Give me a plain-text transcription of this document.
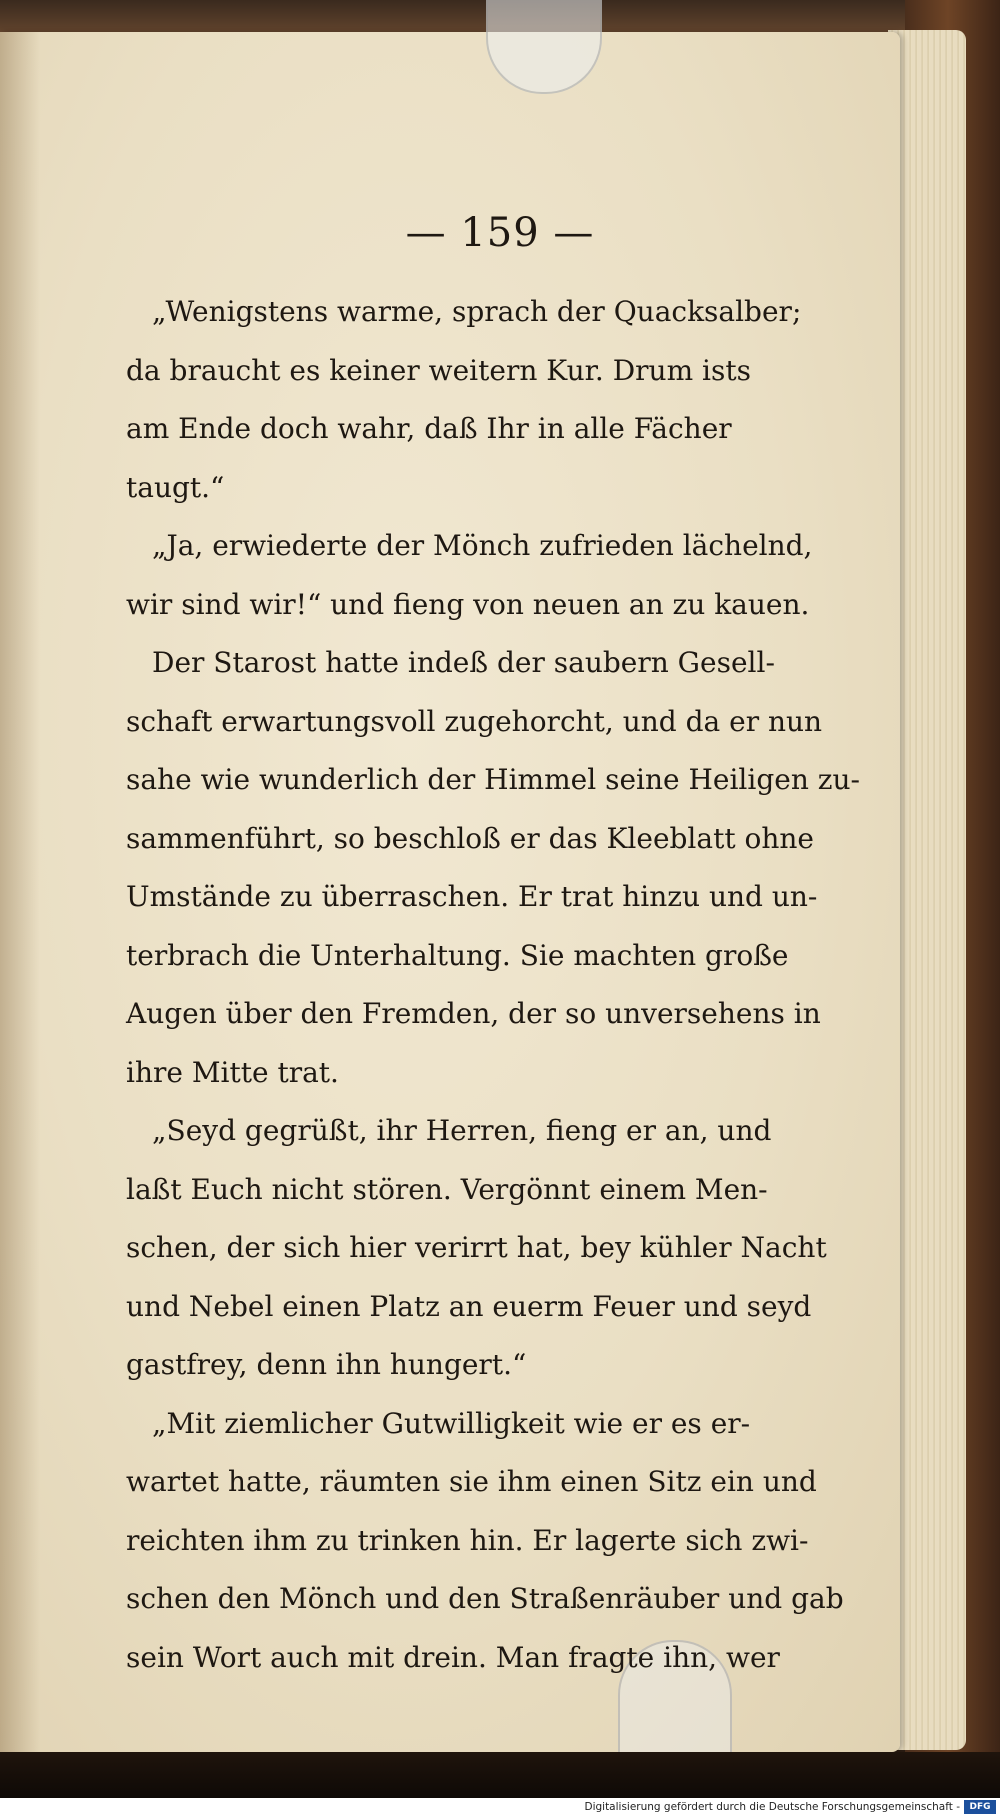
— 159 —
„Wenigstens warme, sprach der Quacksalber;
da braucht es keiner weitern Kur. Drum ists
am Ende doch wahr, daß Ihr in alle Fächer
taugt.“
„Ja, erwiederte der Mönch zufrieden lächelnd,
wir sind wir!“ und fieng von neuen an zu kauen.
Der Starost hatte indeß der saubern Gesell-
schaft erwartungsvoll zugehorcht, und da er nun
sahe wie wunderlich der Himmel seine Heiligen zu-
sammenführt, so beschloß er das Kleeblatt ohne
Umstände zu überraschen. Er trat hinzu und un-
terbrach die Unterhaltung. Sie machten große
Augen über den Fremden, der so unversehens in
ihre Mitte trat.
„Seyd gegrüßt, ihr Herren, fieng er an, und
laßt Euch nicht stören. Vergönnt einem Men-
schen, der sich hier verirrt hat, bey kühler Nacht
und Nebel einen Platz an euerm Feuer und seyd
gastfrey, denn ihn hungert.“
„Mit ziemlicher Gutwilligkeit wie er es er-
wartet hatte, räumten sie ihm einen Sitz ein und
reichten ihm zu trinken hin. Er lagerte sich zwi-
schen den Mönch und den Straßenräuber und gab
sein Wort auch mit drein. Man fragte ihn, wer
Digitalisierung gefördert durch die Deutsche Forschungsgemeinschaft -	DFG
